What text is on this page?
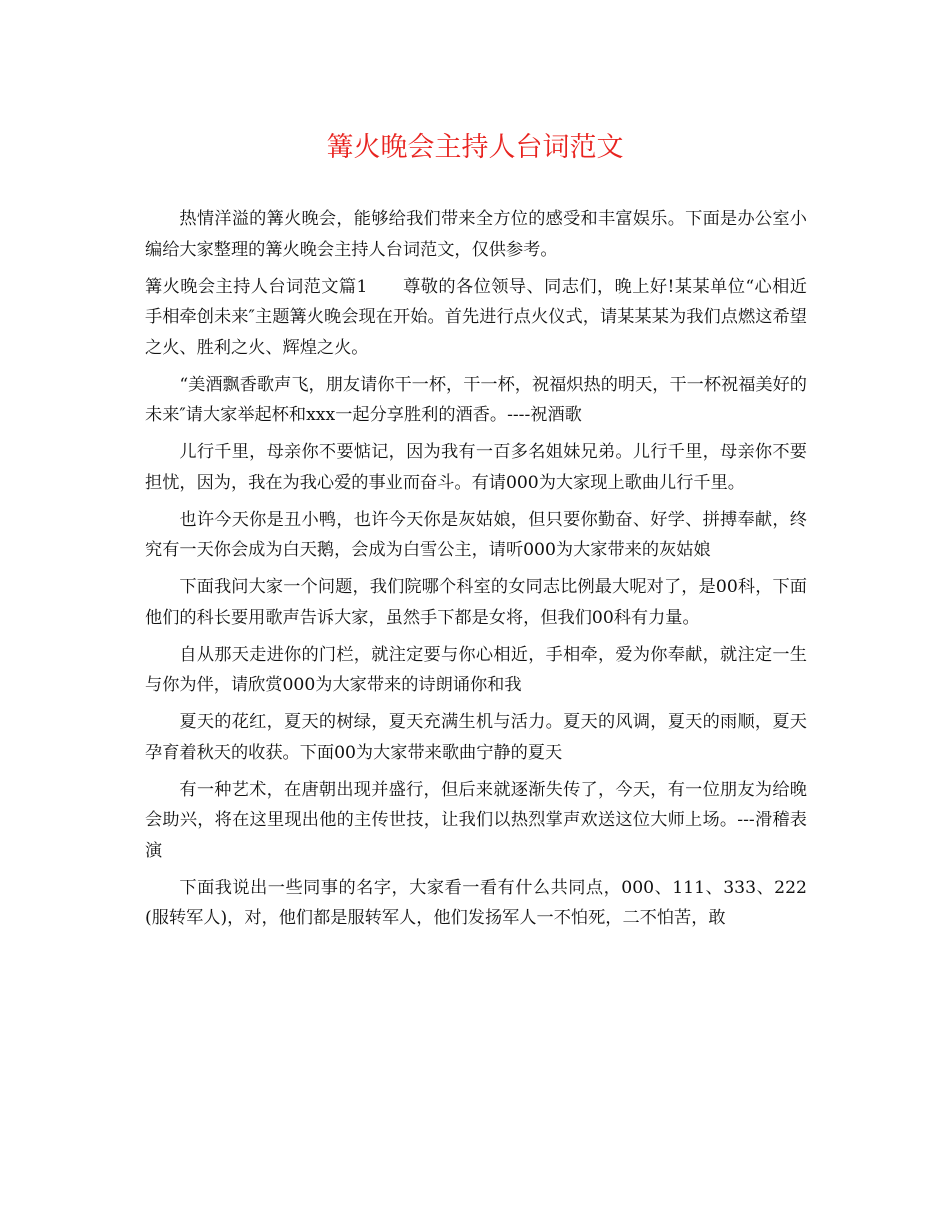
篝火晚会主持人台词范文

热情洋溢的篝火晚会，能够给我们带来全方位的感受和丰富娱乐。下面是办公室小编给大家整理的篝火晚会主持人台词范文，仅供参考。

篝火晚会主持人台词范文篇1　　尊敬的各位领导、同志们，晚上好!某某单位“心相近手相牵创未来″主题篝火晚会现在开始。首先进行点火仪式，请某某某为我们点燃这希望之火、胜利之火、辉煌之火。

“美酒飘香歌声飞，朋友请你干一杯，干一杯，祝福炽热的明天，干一杯祝福美好的未来″请大家举起杯和xxx一起分享胜利的酒香。----祝酒歌

儿行千里，母亲你不要惦记，因为我有一百多名姐妹兄弟。儿行千里，母亲你不要担忧，因为，我在为我心爱的事业而奋斗。有请000为大家现上歌曲儿行千里。

也许今天你是丑小鸭，也许今天你是灰姑娘，但只要你勤奋、好学、拼搏奉献，终究有一天你会成为白天鹅，会成为白雪公主，请听000为大家带来的灰姑娘

下面我问大家一个问题，我们院哪个科室的女同志比例最大呢对了，是00科，下面他们的科长要用歌声告诉大家，虽然手下都是女将，但我们00科有力量。

自从那天走进你的门栏，就注定要与你心相近，手相牵，爱为你奉献，就注定一生与你为伴，请欣赏000为大家带来的诗朗诵你和我

夏天的花红，夏天的树绿，夏天充满生机与活力。夏天的风调，夏天的雨顺，夏天孕育着秋天的收获。下面00为大家带来歌曲宁静的夏天

有一种艺术，在唐朝出现并盛行，但后来就逐渐失传了，今天，有一位朋友为给晚会助兴，将在这里现出他的主传世技，让我们以热烈掌声欢送这位大师上场。---滑稽表演

下面我说出一些同事的名字，大家看一看有什么共同点，000、111、333、222(服转军人)，对，他们都是服转军人，他们发扬军人一不怕死，二不怕苦，敢
